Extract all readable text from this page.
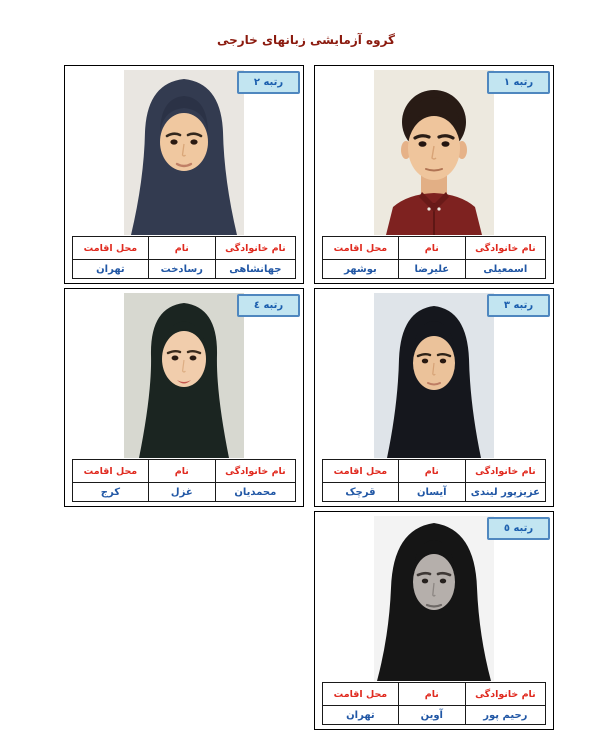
گروه آزمایشی زبانهای خارجی
رتبه ١
نام خانوادگی	نام	محل اقامت
اسمعیلی	علیرضا	بوشهر
رتبه ٢
نام خانوادگی	نام	محل اقامت
جهانشاهی	رسادخت	تهران
رتبه ٣
نام خانوادگی	نام	محل اقامت
عزیزپور لیندی	آیسان	قرچک
رتبه ٤
نام خانوادگی	نام	محل اقامت
محمدیان	غزل	کرج
رتبه ٥
نام خانوادگی	نام	محل اقامت
رحیم پور	آوین	تهران
